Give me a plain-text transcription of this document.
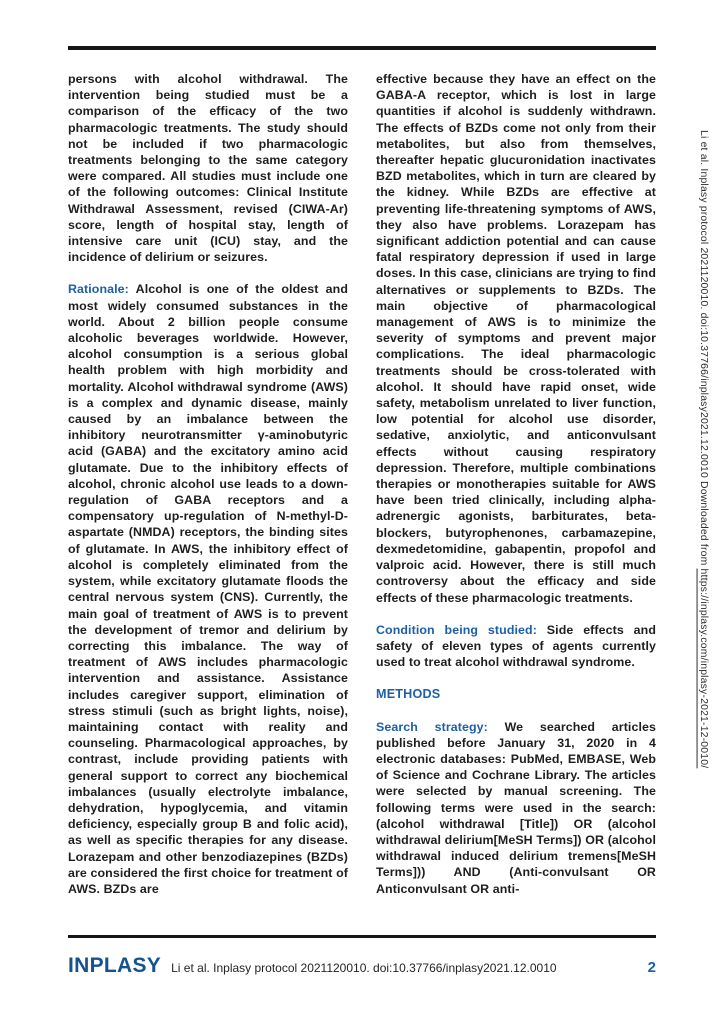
Li et al. Inplasy protocol 2021120010. doi:10.37766/inplasy2021.12.0010 Downloaded from https://inplasy.com/inplasy-2021-12-0010/

persons with alcohol withdrawal. The intervention being studied must be a comparison of the efficacy of the two pharmacologic treatments. The study should not be included if two pharmacologic treatments belonging to the same category were compared. All studies must include one of the following outcomes: Clinical Institute Withdrawal Assessment, revised (CIWA-Ar) score, length of hospital stay, length of intensive care unit (ICU) stay, and the incidence of delirium or seizures.

Rationale: Alcohol is one of the oldest and most widely consumed substances in the world. About 2 billion people consume alcoholic beverages worldwide. However, alcohol consumption is a serious global health problem with high morbidity and mortality. Alcohol withdrawal syndrome (AWS) is a complex and dynamic disease, mainly caused by an imbalance between the inhibitory neurotransmitter γ-aminobutyric acid (GABA) and the excitatory amino acid glutamate. Due to the inhibitory effects of alcohol, chronic alcohol use leads to a down-regulation of GABA receptors and a compensatory up-regulation of N-methyl-D-aspartate (NMDA) receptors, the binding sites of glutamate. In AWS, the inhibitory effect of alcohol is completely eliminated from the system, while excitatory glutamate floods the central nervous system (CNS). Currently, the main goal of treatment of AWS is to prevent the development of tremor and delirium by correcting this imbalance. The way of treatment of AWS includes pharmacologic intervention and assistance. Assistance includes caregiver support, elimination of stress stimuli (such as bright lights, noise), maintaining contact with reality and counseling. Pharmacological approaches, by contrast, include providing patients with general support to correct any biochemical imbalances (usually electrolyte imbalance, dehydration, hypoglycemia, and vitamin deficiency, especially group B and folic acid), as well as specific therapies for any disease. Lorazepam and other benzodiazepines (BZDs) are considered the first choice for treatment of AWS. BZDs are

effective because they have an effect on the GABA-A receptor, which is lost in large quantities if alcohol is suddenly withdrawn. The effects of BZDs come not only from their metabolites, but also from themselves, thereafter hepatic glucuronidation inactivates BZD metabolites, which in turn are cleared by the kidney. While BZDs are effective at preventing life-threatening symptoms of AWS, they also have problems. Lorazepam has significant addiction potential and can cause fatal respiratory depression if used in large doses. In this case, clinicians are trying to find alternatives or supplements to BZDs. The main objective of pharmacological management of AWS is to minimize the severity of symptoms and prevent major complications. The ideal pharmacologic treatments should be cross-tolerated with alcohol. It should have rapid onset, wide safety, metabolism unrelated to liver function, low potential for alcohol use disorder, sedative, anxiolytic, and anticonvulsant effects without causing respiratory depression. Therefore, multiple combinations therapies or monotherapies suitable for AWS have been tried clinically, including alpha-adrenergic agonists, barbiturates, beta-blockers, butyrophenones, carbamazepine, dexmedetomidine, gabapentin, propofol and valproic acid. However, there is still much controversy about the efficacy and side effects of these pharmacologic treatments.

Condition being studied: Side effects and safety of eleven types of agents currently used to treat alcohol withdrawal syndrome.

METHODS

Search strategy: We searched articles published before January 31, 2020 in 4 electronic databases: PubMed, EMBASE, Web of Science and Cochrane Library. The articles were selected by manual screening. The following terms were used in the search: (alcohol withdrawal [Title]) OR (alcohol withdrawal delirium[MeSH Terms]) OR (alcohol withdrawal induced delirium tremens[MeSH Terms])) AND (Anti-convulsant OR Anticonvulsant OR anti-

INPLASY Li et al. Inplasy protocol 2021120010. doi:10.37766/inplasy2021.12.0010	2
